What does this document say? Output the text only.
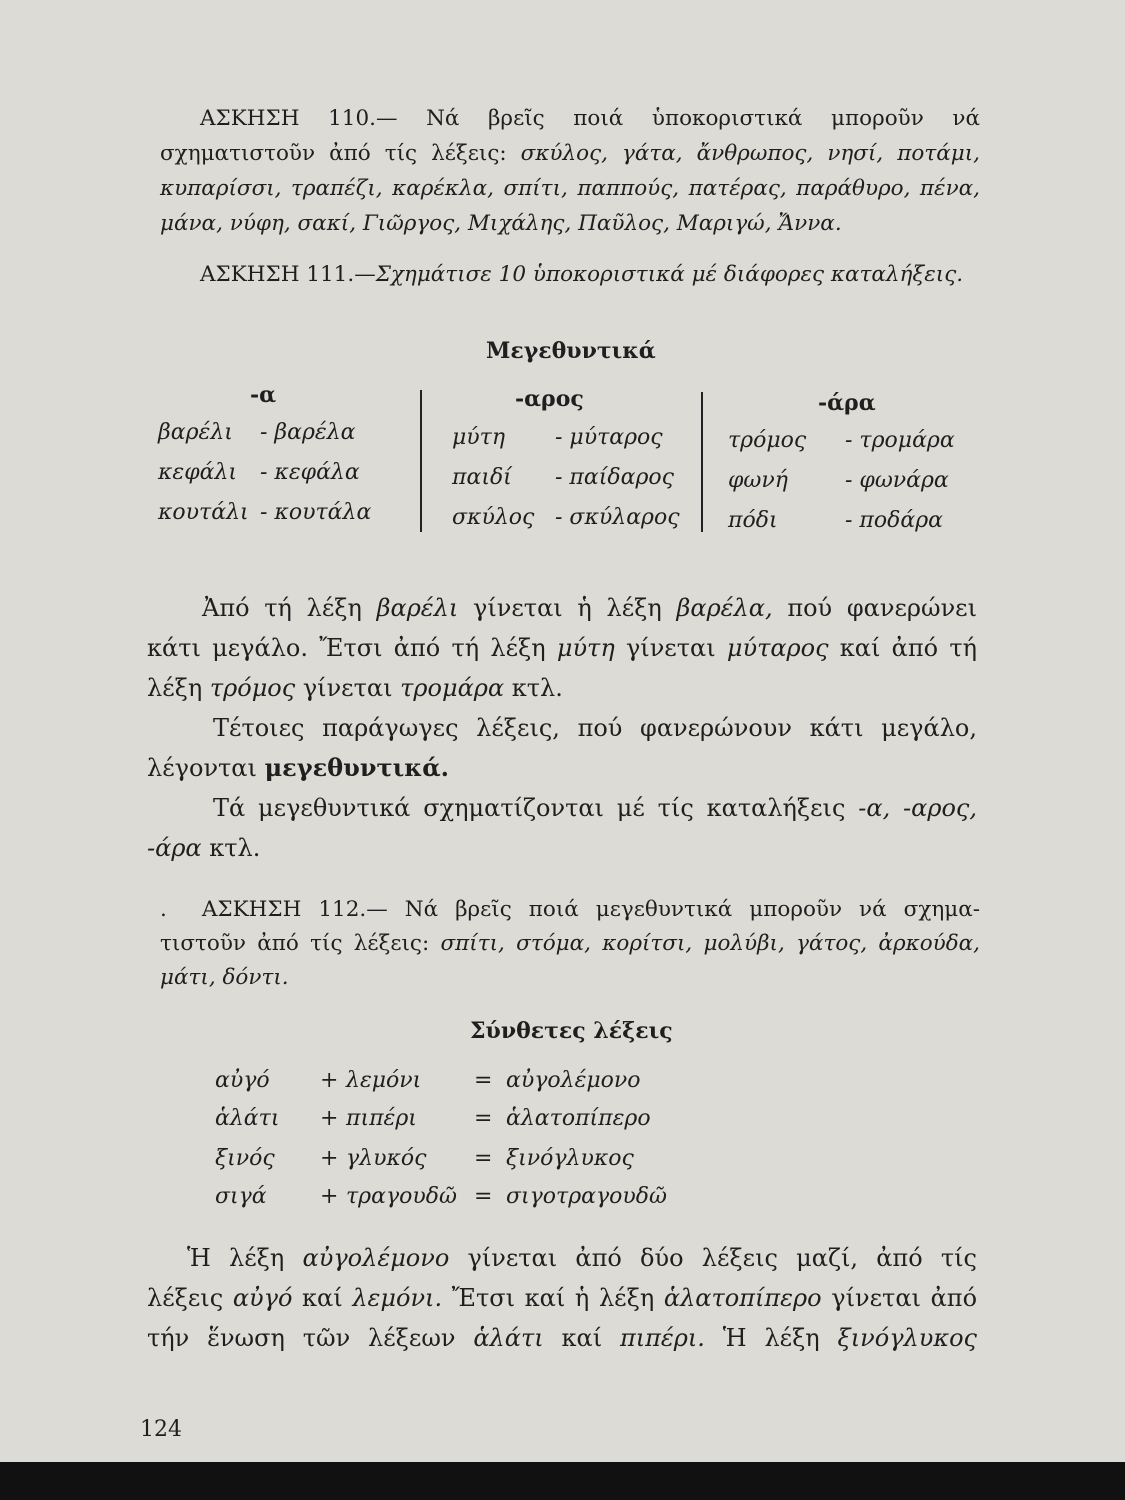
ΑΣΚΗΣΗ 110.— Νά βρεῖς ποιά ὑποκοριστικά μποροῦν νά
σχηματιστοῦν ἀπό τίς λέξεις: σκύλος, γάτα, ἄνθρωπος, νησί, ποτάμι,
κυπαρίσσι, τραπέζι, καρέκλα, σπίτι, παππούς, πατέρας, παράθυρο, πένα,
μάνα, νύφη, σακί, Γιῶργος, Μιχάλης, Παῦλος, Μαριγώ, Ἄννα.
ΑΣΚΗΣΗ 111.—Σχημάτισε 10 ὑποκοριστικά μέ διάφορες καταλήξεις.
Μεγεθυντικά
-α	-αρος	-άρα
βαρέλι - βαρέλα
κεφάλι - κεφάλα
κουτάλι - κουτάλα
μύτη - μύταρος
παιδί - παίδαρος
σκύλος - σκύλαρος
τρόμος - τρομάρα
φωνή	- φωνάρα
πόδι	- ποδάρα
Ἀπό τή λέξη βαρέλι γίνεται ἡ λέξη βαρέλα, πού φανερώνει
κάτι μεγάλο. Ἔτσι ἀπό τή λέξη μύτη γίνεται μύταρος καί ἀπό τή
λέξη τρόμος γίνεται τρομάρα κτλ.
Τέτοιες παράγωγες λέξεις, πού φανερώνουν κάτι μεγάλο,
λέγονται μεγεθυντικά.
Τά μεγεθυντικά σχηματίζονται μέ τίς καταλήξεις -α, -αρος,
-άρα κτλ.
. ΑΣΚΗΣΗ 112.— Νά βρεῖς ποιά μεγεθυντικά μποροῦν νά σχημα-
τιστοῦν ἀπό τίς λέξεις: σπίτι, στόμα, κορίτσι, μολύβι, γάτος, ἀρκούδα,
μάτι, δόντι.
Σύνθετες λέξεις
αὐγό + λεμόνι = αὐγολέμονο
ἁλάτι + πιπέρι	= ἁλατοπίπερο
ξινός + γλυκός = ξινόγλυκος
σιγά + τραγουδῶ = σιγοτραγουδῶ
Ἡ λέξη αὐγολέμονο γίνεται ἀπό δύο λέξεις μαζί, ἀπό τίς
λέξεις αὐγό καί λεμόνι. Ἔτσι καί ἡ λέξη ἁλατοπίπερο γίνεται ἀπό
τήν ἕνωση τῶν λέξεων ἁλάτι καί πιπέρι. Ἡ λέξη ξινόγλυκος
124
